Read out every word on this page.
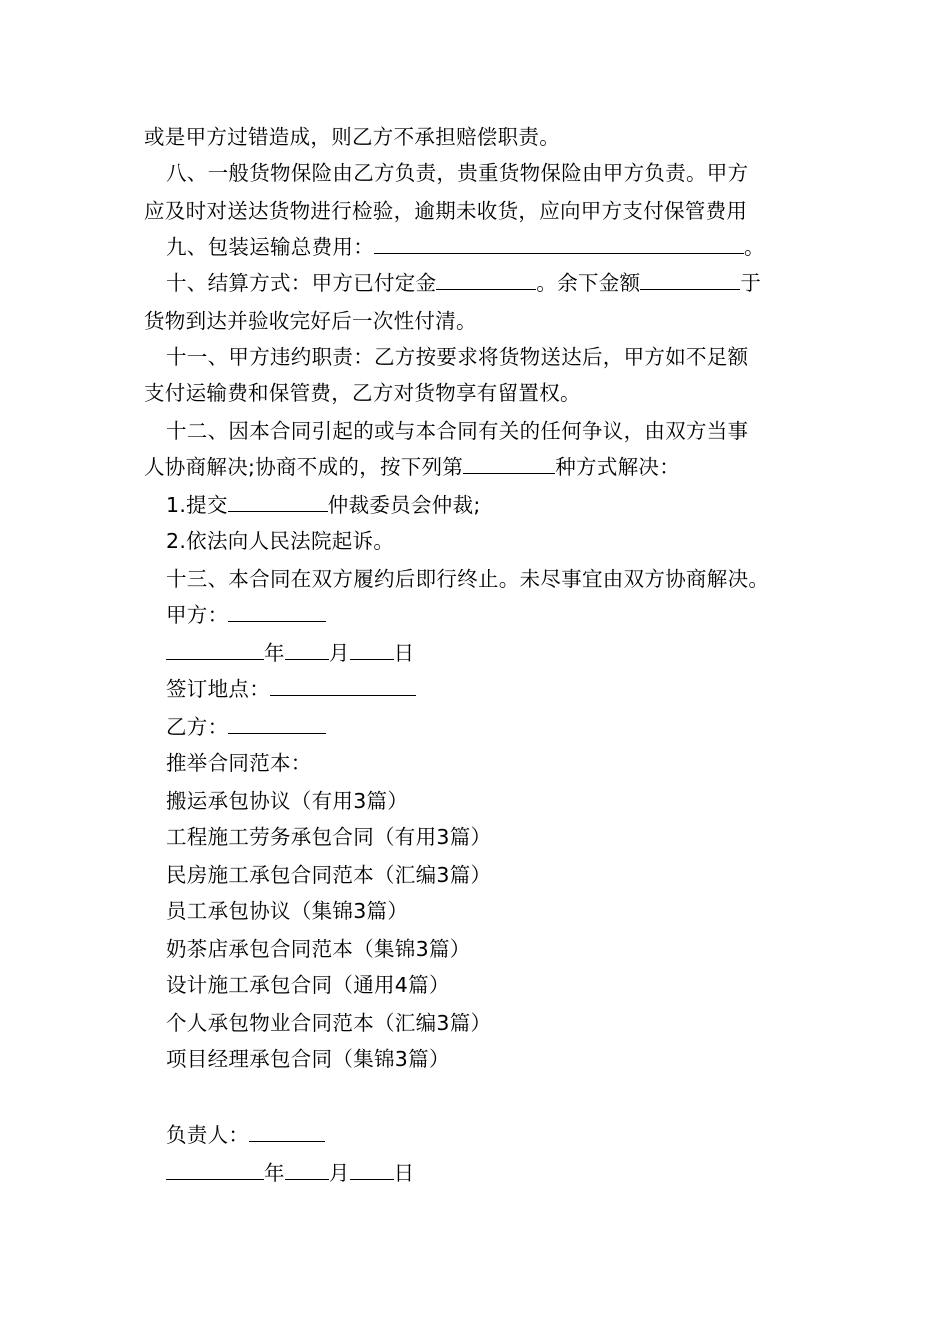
或是甲方过错造成，则乙方不承担赔偿职责。
八、一般货物保险由乙方负责，贵重货物保险由甲方负责。甲方
应及时对送达货物进行检验，逾期未收货，应向甲方支付保管费用
九、包装运输总费用：	。
十、结算方式：甲方已付定金	。余下金额	于
货物到达并验收完好后一次性付清。
十一、甲方违约职责：乙方按要求将货物送达后，甲方如不足额
支付运输费和保管费，乙方对货物享有留置权。
十二、因本合同引起的或与本合同有关的任何争议，由双方当事
人协商解决;协商不成的，按下列第	种方式解决：
1.提交	仲裁委员会仲裁;
2.依法向人民法院起诉。
十三、本合同在双方履约后即行终止。未尽事宜由双方协商解决。
甲方：
年 月 日
签订地点：
乙方：
推举合同范本：
搬运承包协议（有用3篇）
工程施工劳务承包合同（有用3篇）
民房施工承包合同范本（汇编3篇）
员工承包协议（集锦3篇）
奶茶店承包合同范本（集锦3篇）
设计施工承包合同（通用4篇）
个人承包物业合同范本（汇编3篇）
项目经理承包合同（集锦3篇）
负责人：
年 月 日
